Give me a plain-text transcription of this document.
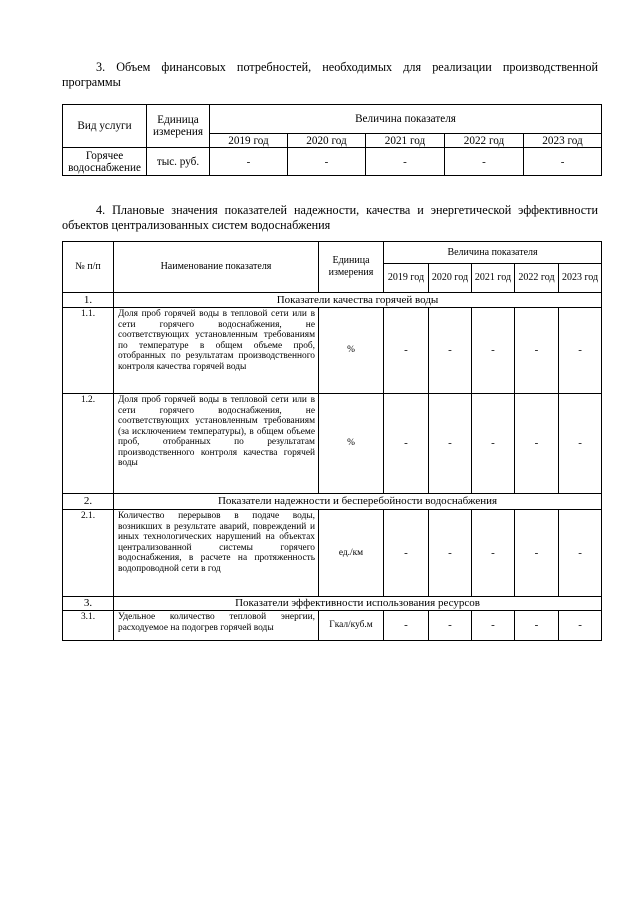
3. Объем финансовых потребностей, необходимых для реализации производственной программы

Вид услуги	Единица измерения	Величина показателя				
		2019 год	2020 год	2021 год	2022 год	2023 год
Горячее водоснабжение	тыс. руб.	-	-	-	-	-

4. Плановые значения показателей надежности, качества и энергетической эффективности объектов централизованных систем водоснабжения

№ п/п	Наименование показателя	Единица измерения	Величина показателя				
			2019 год	2020 год	2021 год	2022 год	2023 год
1.	Показатели качества горячей воды						
1.1.	Доля проб горячей воды в тепловой сети или в сети горячего водоснабжения, не соответствующих установленным требованиям по температуре в общем объеме проб, отобранных по результатам производственного контроля качества горячей воды	%	-	-	-	-	-
1.2.	Доля проб горячей воды в тепловой сети или в сети горячего водоснабжения, не соответствующих установленным требованиям (за исключением температуры), в общем объеме проб, отобранных по результатам производственного контроля качества горячей воды	%	-	-	-	-	-
2.	Показатели надежности и бесперебойности водоснабжения						
2.1.	Количество перерывов в подаче воды, возникших в результате аварий, повреждений и иных технологических нарушений на объектах централизованной системы горячего водоснабжения, в расчете на протяженность водопроводной сети в год	ед./км	-	-	-	-	-
3.	Показатели эффективности использования ресурсов						
3.1.	Удельное количество тепловой энергии, расходуемое на подогрев горячей воды	Гкал/куб.м	-	-	-	-	-
